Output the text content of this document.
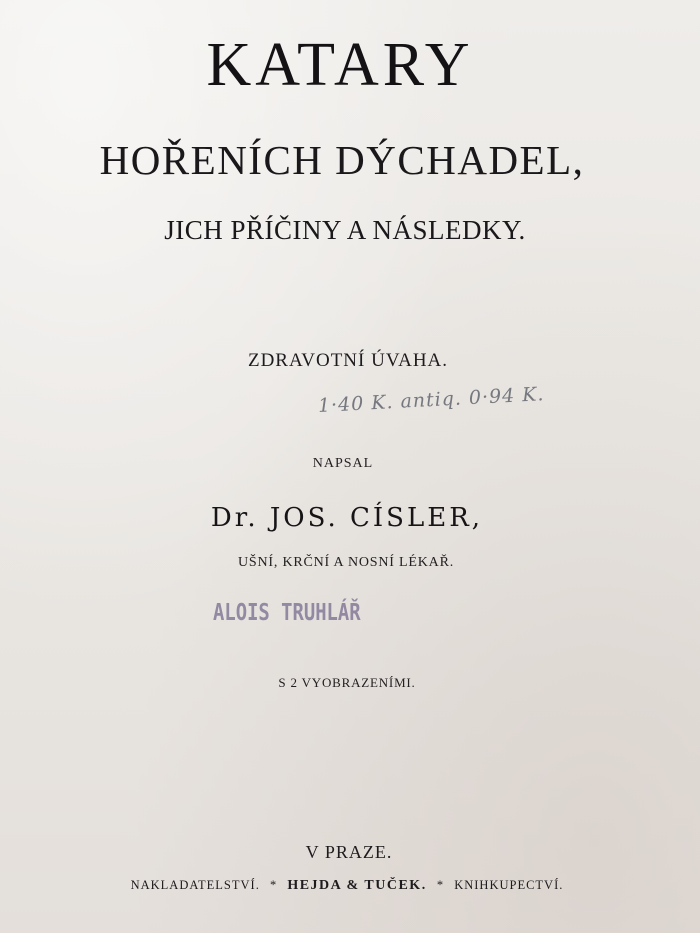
KATARY
HOŘENÍCH DÝCHADEL,
JICH PŘÍČINY A NÁSLEDKY.
ZDRAVOTNÍ ÚVAHA.
1·40 K. antiq. 0·94 K.
NAPSAL
Dr. JOS. CÍSLER,
UŠNÍ, KRČNÍ A NOSNÍ LÉKAŘ.
ALOIS TRUHLÁŘ
S 2 VYOBRAZENÍMI.
V PRAZE.
NAKLADATELSTVÍ. * HEJDA & TUČEK. * KNIHKUPECTVÍ.
